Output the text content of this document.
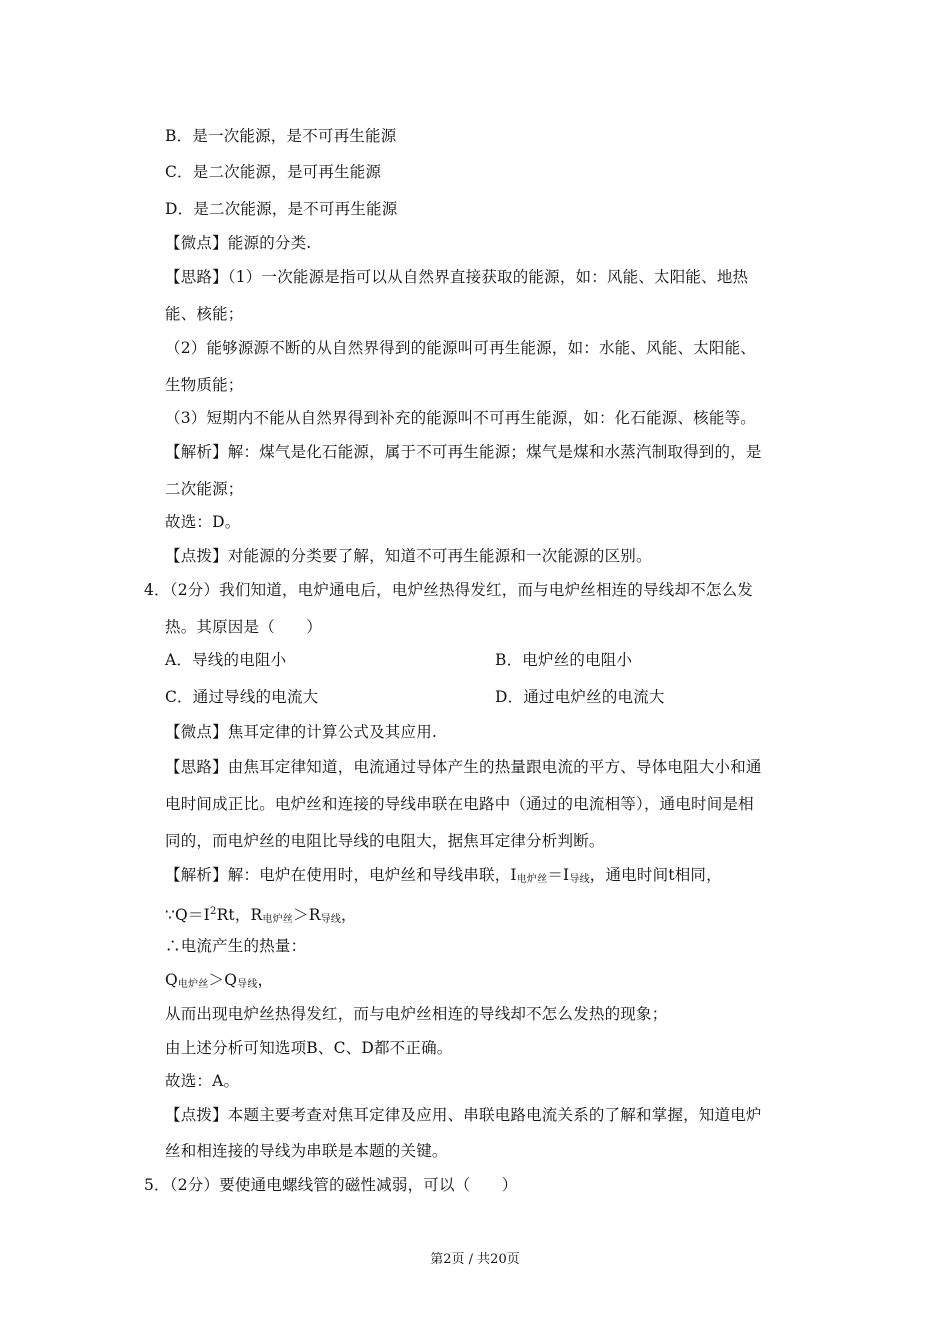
B．是一次能源，是不可再生能源
C．是二次能源，是可再生能源
D．是二次能源，是不可再生能源
【微点】能源的分类.
【思路】（1）一次能源是指可以从自然界直接获取的能源，如：风能、太阳能、地热
能、核能；
（2）能够源源不断的从自然界得到的能源叫可再生能源，如：水能、风能、太阳能、
生物质能；
（3）短期内不能从自然界得到补充的能源叫不可再生能源，如：化石能源、核能等。
【解析】解：煤气是化石能源，属于不可再生能源；煤气是煤和水蒸汽制取得到的，是
二次能源；
故选：D。
【点拨】对能源的分类要了解，知道不可再生能源和一次能源的区别。
4．（2分）我们知道，电炉通电后，电炉丝热得发红，而与电炉丝相连的导线却不怎么发
热。其原因是（　　）
A．导线的电阻小	B．电炉丝的电阻小
C．通过导线的电流大	D．通过电炉丝的电流大
【微点】焦耳定律的计算公式及其应用.
【思路】由焦耳定律知道，电流通过导体产生的热量跟电流的平方、导体电阻大小和通
电时间成正比。电炉丝和连接的导线串联在电路中（通过的电流相等），通电时间是相
同的，而电炉丝的电阻比导线的电阻大，据焦耳定律分析判断。
【解析】解：电炉在使用时，电炉丝和导线串联，I电炉丝＝I导线，通电时间t相同，
$\because Q=I^2Rt$，R电炉丝＞R导线，
∴电流产生的热量：
Q电炉丝＞Q导线，
从而出现电炉丝热得发红，而与电炉丝相连的导线却不怎么发热的现象；
由上述分析可知选项B、C、D都不正确。
故选：A。
【点拨】本题主要考查对焦耳定律及应用、串联电路电流关系的了解和掌握，知道电炉
丝和相连接的导线为串联是本题的关键。
5．（2分）要使通电螺线管的磁性减弱，可以（　　）
第2页 / 共20页
